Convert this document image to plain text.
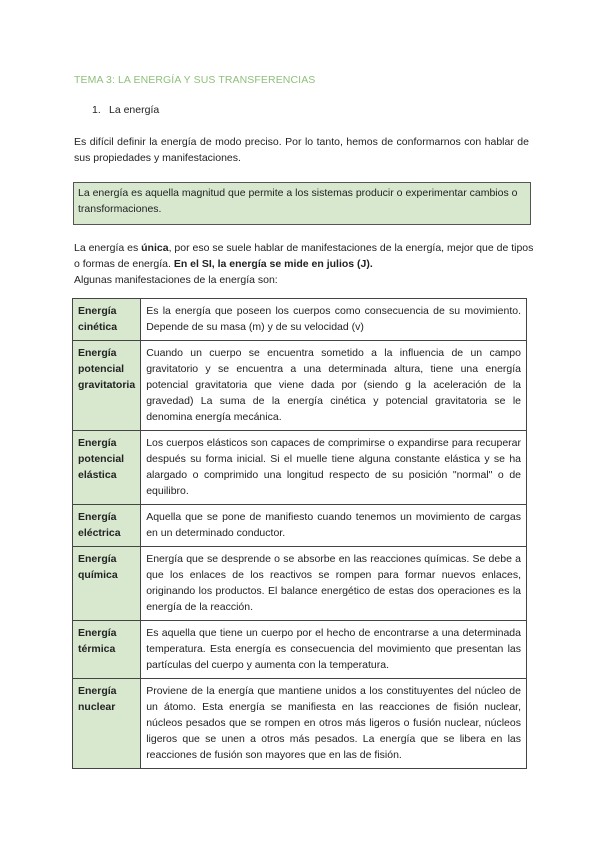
TEMA 3: LA ENERGÍA Y SUS TRANSFERENCIAS
1. La energía
Es difícil definir la energía de modo preciso. Por lo tanto, hemos de conformarnos con hablar de sus propiedades y manifestaciones.
La energía es aquella magnitud que permite a los sistemas producir o experimentar cambios o transformaciones.
La energía es única, por eso se suele hablar de manifestaciones de la energía, mejor que de tipos o formas de energía. En el SI, la energía se mide en julios (J).
Algunas manifestaciones de la energía son:
Energía cinética	Es la energía que poseen los cuerpos como consecuencia de su movimiento. Depende de su masa (m) y de su velocidad (v)
Energía potencial gravitatoria	Cuando un cuerpo se encuentra sometido a la influencia de un campo gravitatorio y se encuentra a una determinada altura, tiene una energía potencial gravitatoria que viene dada por (siendo g la aceleración de la gravedad) La suma de la energía cinética y potencial gravitatoria se le denomina energía mecánica.
Energía potencial elástica	Los cuerpos elásticos son capaces de comprimirse o expandirse para recuperar después su forma inicial. Si el muelle tiene alguna constante elástica y se ha alargado o comprimido una longitud respecto de su posición "normal" o de equilibro.
Energía eléctrica	Aquella que se pone de manifiesto cuando tenemos un movimiento de cargas en un determinado conductor.
Energía química	Energía que se desprende o se absorbe en las reacciones químicas. Se debe a que los enlaces de los reactivos se rompen para formar nuevos enlaces, originando los productos. El balance energético de estas dos operaciones es la energía de la reacción.
Energía térmica	Es aquella que tiene un cuerpo por el hecho de encontrarse a una determinada temperatura. Esta energía es consecuencia del movimiento que presentan las partículas del cuerpo y aumenta con la temperatura.
Energía nuclear	Proviene de la energía que mantiene unidos a los constituyentes del núcleo de un átomo. Esta energía se manifiesta en las reacciones de fisión nuclear, núcleos pesados que se rompen en otros más ligeros o fusión nuclear, núcleos ligeros que se unen a otros más pesados. La energía que se libera en las reacciones de fusión son mayores que en las de fisión.
